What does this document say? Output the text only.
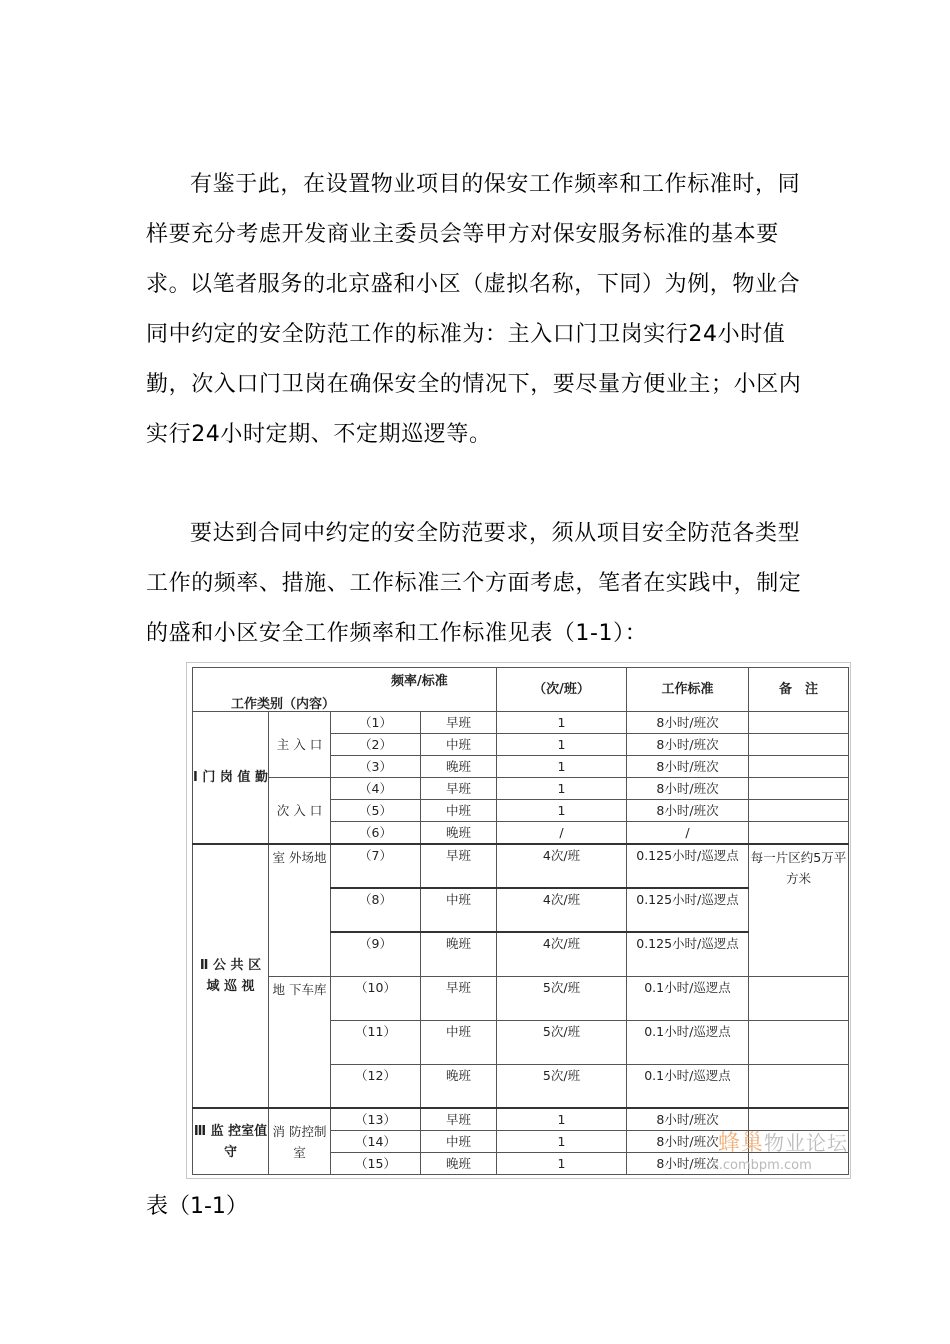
有鉴于此，在设置物业项目的保安工作频率和工作标准时，同样要充分考虑开发商业主委员会等甲方对保安服务标准的基本要求。

以笔者服务的北京盛和小区（虚拟名称，下同）为例，物业合同中约定的安全防范工作的标准为：主入口门卫岗实行24小时值勤，次入口门卫岗在确保安全的情况下，要尽量方便业主；小区内实行24小时定期、不定期巡逻等。

要达到合同中约定的安全防范要求，须从项目安全防范各类型工作的频率、措施、工作标准三个方面考虑，笔者在实践中，制定的盛和小区安全工作频率和工作标准见表（1-1）：

频率/标准
工作类别（内容）				（次/班）	工作标准	备　注
Ⅰ 门 岗 值 勤	主 入 口	（1）	早班	1	8小时/班次	
		（2）	中班	1	8小时/班次	
		（3）	晚班	1	8小时/班次	
	次 入 口	（4）	早班	1	8小时/班次	
		（5）	中班	1	8小时/班次	
		（6）	晚班	/	/	
Ⅱ 公 共 区 域 巡 视	室 外场地	（7）	早班	4次/班	0.125小时/巡逻点	每一片区约5万平方米
		（8）	中班	4次/班	0.125小时/巡逻点	
		（9）	晚班	4次/班	0.125小时/巡逻点	
	地 下车库	（10）	早班	5次/班	0.1小时/巡逻点	
		（11）	中班	5次/班	0.1小时/巡逻点	
		（12）	晚班	5次/班	0.1小时/巡逻点	
Ⅲ 监 控室值守	消 防控制 室	（13）	早班	1	8小时/班次	
		（14）	中班	1	8小时/班次	
		（15）	晚班	1	8小时/班次	
蜂巢物业论坛
s.combpm.com

表（1-1）
